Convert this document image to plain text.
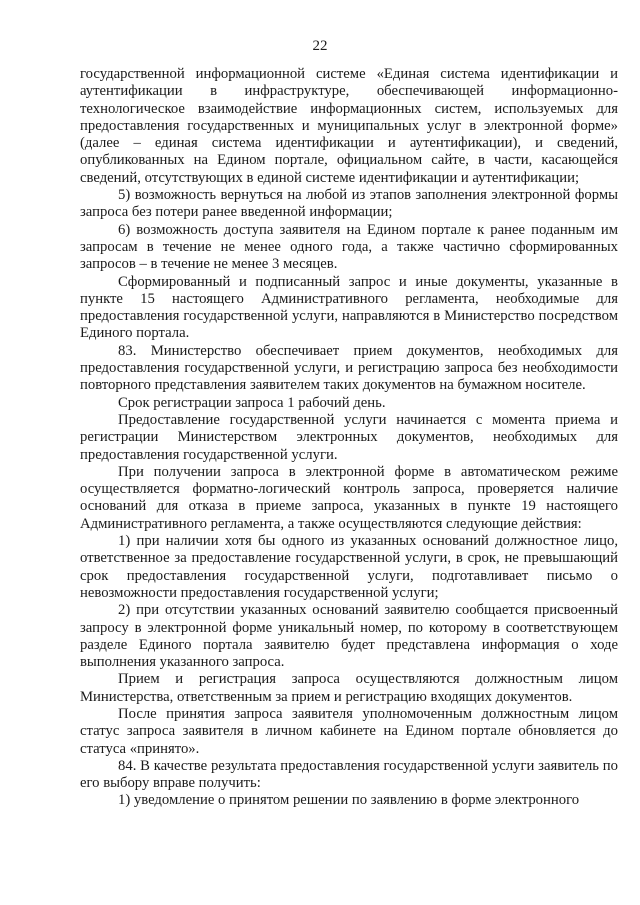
22

государственной информационной системе «Единая система идентификации и аутентификации в инфраструктуре, обеспечивающей информационно-технологическое взаимодействие информационных систем, используемых для предоставления государственных и муниципальных услуг в электронной форме» (далее – единая система идентификации и аутентификации), и сведений, опубликованных на Едином портале, официальном сайте, в части, касающейся сведений, отсутствующих в единой системе идентификации и аутентификации;

5) возможность вернуться на любой из этапов заполнения электронной формы запроса без потери ранее введенной информации;

6) возможность доступа заявителя на Едином портале к ранее поданным им запросам в течение не менее одного года, а также частично сформированных запросов – в течение не менее 3 месяцев.

Сформированный и подписанный запрос и иные документы, указанные в пункте 15 настоящего Административного регламента, необходимые для предоставления государственной услуги, направляются в Министерство посредством Единого портала.

83. Министерство обеспечивает прием документов, необходимых для предоставления государственной услуги, и регистрацию запроса без необходимости повторного представления заявителем таких документов на бумажном носителе.

Срок регистрации запроса 1 рабочий день.

Предоставление государственной услуги начинается с момента приема и регистрации Министерством электронных документов, необходимых для предоставления государственной услуги.

При получении запроса в электронной форме в автоматическом режиме осуществляется форматно-логический контроль запроса, проверяется наличие оснований для отказа в приеме запроса, указанных в пункте 19 настоящего Административного регламента, а также осуществляются следующие действия:

1) при наличии хотя бы одного из указанных оснований должностное лицо, ответственное за предоставление государственной услуги, в срок, не превышающий срок предоставления государственной услуги, подготавливает письмо о невозможности предоставления государственной услуги;

2) при отсутствии указанных оснований заявителю сообщается присвоенный запросу в электронной форме уникальный номер, по которому в соответствующем разделе Единого портала заявителю будет представлена информация о ходе выполнения указанного запроса.

Прием и регистрация запроса осуществляются должностным лицом Министерства, ответственным за прием и регистрацию входящих документов.

После принятия запроса заявителя уполномоченным должностным лицом статус запроса заявителя в личном кабинете на Едином портале обновляется до статуса «принято».

84. В качестве результата предоставления государственной услуги заявитель по его выбору вправе получить:

1) уведомление о принятом решении по заявлению в форме электронного
